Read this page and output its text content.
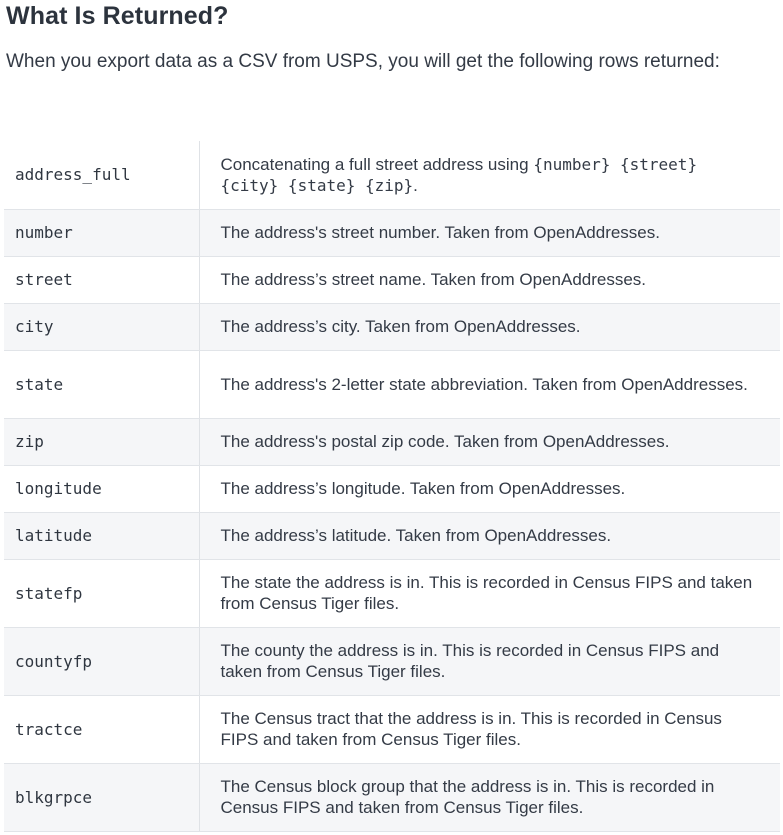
What Is Returned?

When you export data as a CSV from USPS, you will get the following rows returned:

address_full	Concatenating a full street address using {number} {street} {city} {state} {zip}.
number	The address's street number. Taken from OpenAddresses.
street	The address’s street name. Taken from OpenAddresses.
city	The address’s city. Taken from OpenAddresses.
state	The address's 2-letter state abbreviation. Taken from OpenAddresses.
zip	The address's postal zip code. Taken from OpenAddresses.
longitude	The address’s longitude. Taken from OpenAddresses.
latitude	The address’s latitude. Taken from OpenAddresses.
statefp	The state the address is in. This is recorded in Census FIPS and taken from Census Tiger files.
countyfp	The county the address is in. This is recorded in Census FIPS and taken from Census Tiger files.
tractce	The Census tract that the address is in. This is recorded in Census FIPS and taken from Census Tiger files.
blkgrpce	The Census block group that the address is in. This is recorded in Census FIPS and taken from Census Tiger files.
